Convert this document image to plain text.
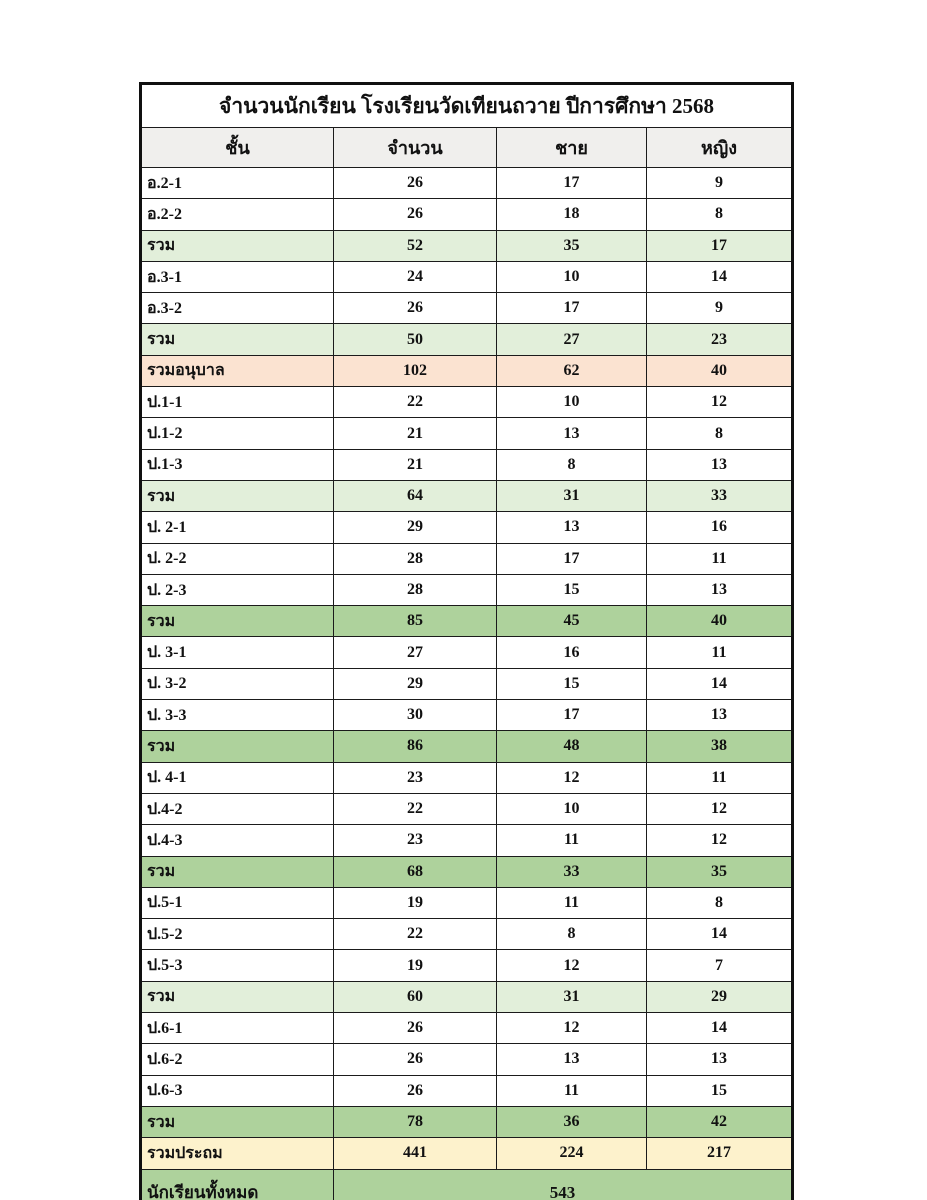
จำนวนนักเรียน โรงเรียนวัดเทียนถวาย ปีการศึกษา 2568			
ชั้น	จำนวน	ชาย	หญิง
อ.2-1	26	17	9
อ.2-2	26	18	8
รวม	52	35	17
อ.3-1	24	10	14
อ.3-2	26	17	9
รวม	50	27	23
รวมอนุบาล	102	62	40
ป.1-1	22	10	12
ป.1-2	21	13	8
ป.1-3	21	8	13
รวม	64	31	33
ป. 2-1	29	13	16
ป. 2-2	28	17	11
ป. 2-3	28	15	13
รวม	85	45	40
ป. 3-1	27	16	11
ป. 3-2	29	15	14
ป. 3-3	30	17	13
รวม	86	48	38
ป. 4-1	23	12	11
ป.4-2	22	10	12
ป.4-3	23	11	12
รวม	68	33	35
ป.5-1	19	11	8
ป.5-2	22	8	14
ป.5-3	19	12	7
รวม	60	31	29
ป.6-1	26	12	14
ป.6-2	26	13	13
ป.6-3	26	11	15
รวม	78	36	42
รวมประถม	441	224	217
นักเรียนทั้งหมด	543		
